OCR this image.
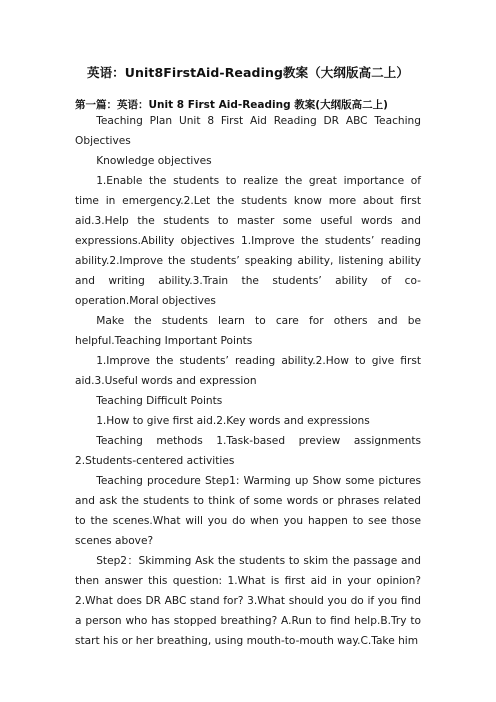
英语：Unit8FirstAid-Reading教案（大纲版高二上）
第一篇：英语：Unit 8 First Aid-Reading 教案(大纲版高二上)

Teaching Plan Unit 8 First Aid Reading DR ABC Teaching Objectives

Knowledge objectives

1.Enable the students to realize the great importance of time in emergency.2.Let the students know more about first aid.3.Help the students to master some useful words and expressions.Ability objectives 1.Improve the students’ reading ability.2.Improve the students’ speaking ability, listening ability and writing ability.3.Train the students’ ability of co-operation.Moral objectives

Make the students learn to care for others and be helpful.Teaching Important Points

1.Improve the students’ reading ability.2.How to give first aid.3.Useful words and expression

Teaching Difficult Points

1.How to give first aid.2.Key words and expressions

Teaching methods 1.Task-based preview assignments 2.Students-centered activities

Teaching procedure Step1: Warming up Show some pictures and ask the students to think of some words or phrases related to the scenes.What will you do when you happen to see those scenes above?

Step2：Skimming Ask the students to skim the passage and then answer this question: 1.What is first aid in your opinion? 2.What does DR ABC stand for? 3.What should you do if you find a person who has stopped breathing? A.Run to find help.B.Try to start his or her breathing, using mouth-to-mouth way.C.Take him
